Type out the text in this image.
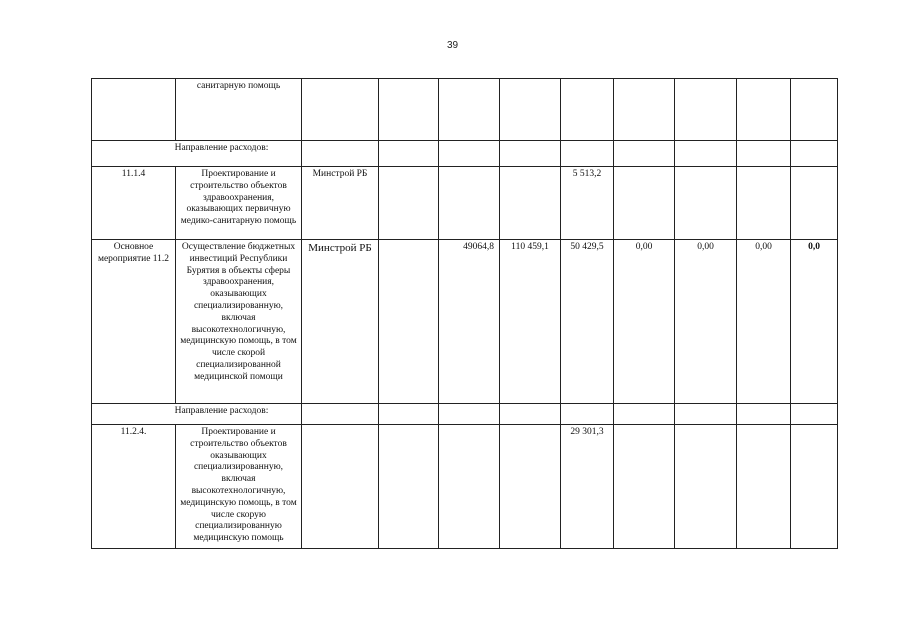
39
	санитарную помощь									
Направление расходов:										
11.1.4	Проектирование и строительство объектов здравоохранения, оказывающих первичную медико-санитарную помощь	Минстрой РБ				5 513,2				
Основное мероприятие 11.2	Осуществление бюджетных инвестиций Республики Бурятия в объекты сферы здравоохранения, оказывающих специализированную, включая высокотехнологичную, медицинскую помощь, в том числе скорой специализированной медицинской помощи	Минстрой РБ		49064,8	110 459,1	50 429,5	0,00	0,00	0,00	0,0
Направление расходов:										
11.2.4.	Проектирование и строительство объектов оказывающих специализированную, включая высокотехнологичную, медицинскую помощь, в том числе скорую специализированную медицинскую помощь					29 301,3				
